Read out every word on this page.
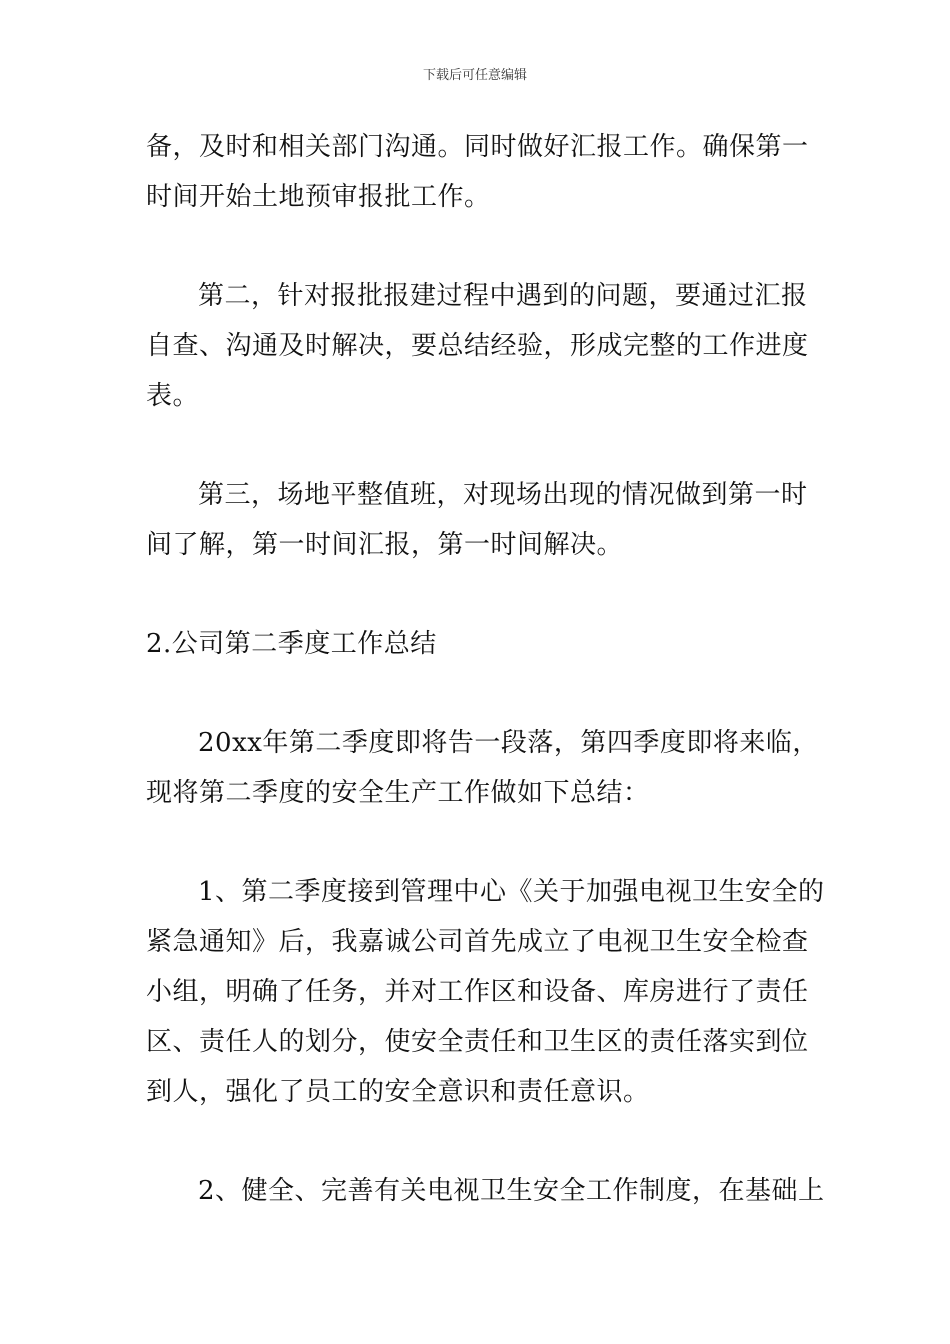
下载后可任意编辑
备，及时和相关部门沟通。同时做好汇报工作。确保第一
时间开始土地预审报批工作。
第二，针对报批报建过程中遇到的问题，要通过汇报
自查、沟通及时解决，要总结经验，形成完整的工作进度
表。
第三，场地平整值班，对现场出现的情况做到第一时
间了解，第一时间汇报，第一时间解决。
2.公司第二季度工作总结
20xx年第二季度即将告一段落，第四季度即将来临，
现将第二季度的安全生产工作做如下总结：
1、第二季度接到管理中心《关于加强电视卫生安全的
紧急通知》后，我嘉诚公司首先成立了电视卫生安全检查
小组，明确了任务，并对工作区和设备、库房进行了责任
区、责任人的划分，使安全责任和卫生区的责任落实到位
到人，强化了员工的安全意识和责任意识。
2、健全、完善有关电视卫生安全工作制度，在基础上
